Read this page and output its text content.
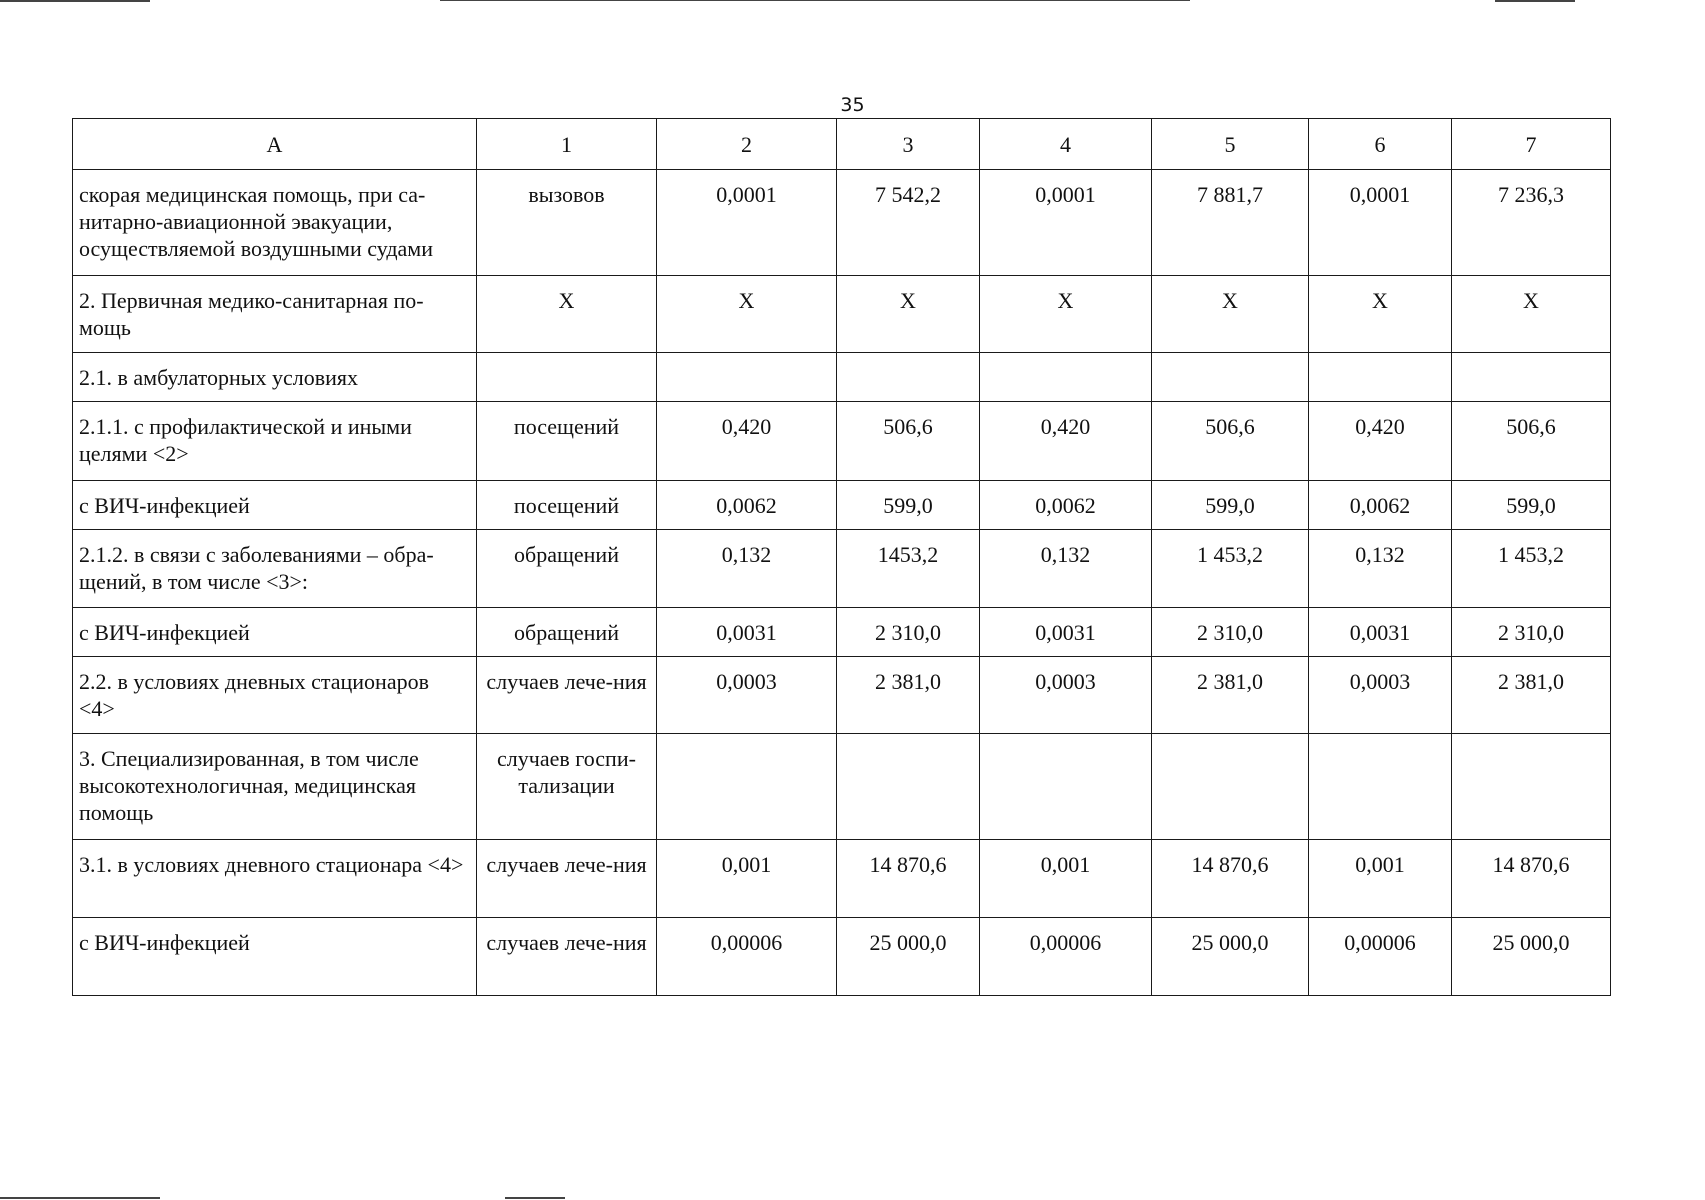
35
А	1	2	3	4	5	6	7
скорая медицинская помощь, при са-нитарно-авиационной эвакуации, осуществляемой воздушными судами	вызовов	0,0001	7 542,2	0,0001	7 881,7	0,0001	7 236,3
2. Первичная медико-санитарная по-мощь	Х	Х	Х	Х	Х	Х	Х
2.1. в амбулаторных условиях							
2.1.1. с профилактической и иными целями <2>	посещений	0,420	506,6	0,420	506,6	0,420	506,6
с ВИЧ-инфекцией	посещений	0,0062	599,0	0,0062	599,0	0,0062	599,0
2.1.2. в связи с заболеваниями – обра-щений, в том числе <3>:	обращений	0,132	1453,2	0,132	1 453,2	0,132	1 453,2
с ВИЧ-инфекцией	обращений	0,0031	2 310,0	0,0031	2 310,0	0,0031	2 310,0
2.2. в условиях дневных стационаров <4>	случаев лече-ния	0,0003	2 381,0	0,0003	2 381,0	0,0003	2 381,0
3. Специализированная, в том числе высокотехнологичная, медицинская помощь	случаев госпи-тализации						
3.1. в условиях дневного стационара <4>	случаев лече-ния	0,001	14 870,6	0,001	14 870,6	0,001	14 870,6
с ВИЧ-инфекцией	случаев лече-ния	0,00006	25 000,0	0,00006	25 000,0	0,00006	25 000,0
